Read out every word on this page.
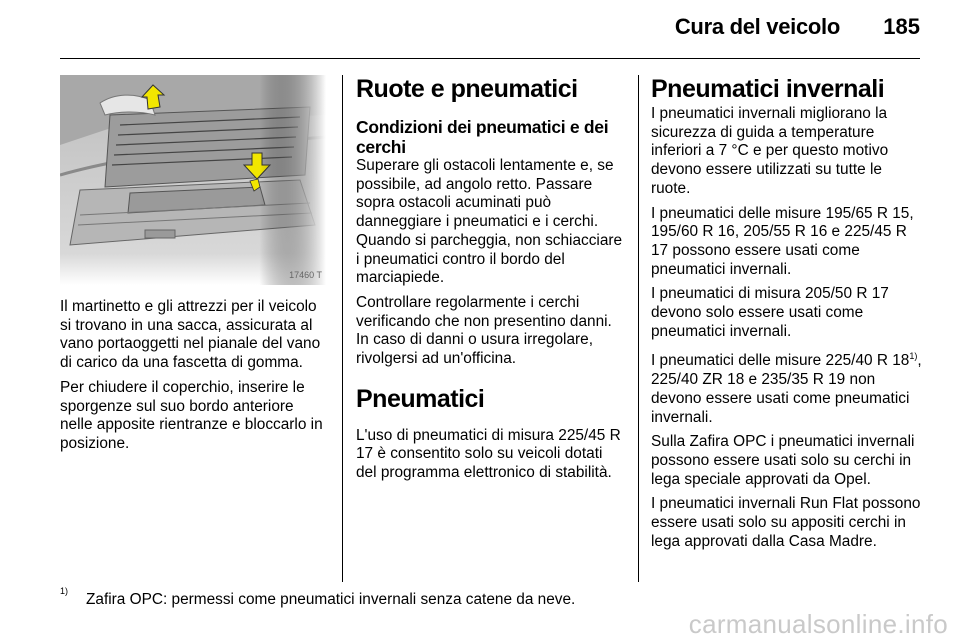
Cura del veicolo	185
17460 T

Il martinetto e gli attrezzi per il veicolo si trovano in una sacca, assicurata al vano portaoggetti nel pianale del vano di carico da una fascetta di gomma.

Per chiudere il coperchio, inserire le sporgenze sul suo bordo anteriore nelle apposite rientranze e bloccarlo in posizione.

Ruote e pneumatici
Condizioni dei pneumatici e dei cerchi

Superare gli ostacoli lentamente e, se possibile, ad angolo retto. Passare sopra ostacoli acuminati può danneggiare i pneumatici e i cerchi. Quando si parcheggia, non schiacciare i pneumatici contro il bordo del marciapiede.

Controllare regolarmente i cerchi verificando che non presentino danni. In caso di danni o usura irregolare, rivolgersi ad un'officina.

Pneumatici

L'uso di pneumatici di misura 225/45 R 17 è consentito solo su veicoli dotati del programma elettronico di stabilità.

Pneumatici invernali

I pneumatici invernali migliorano la sicurezza di guida a temperature inferiori a 7 °C e per questo motivo devono essere utilizzati su tutte le ruote.

I pneumatici delle misure 195/65 R 15, 195/60 R 16, 205/55 R 16 e 225/45 R 17 possono essere usati come pneumatici invernali.

I pneumatici di misura 205/50 R 17 devono solo essere usati come pneumatici invernali.

I pneumatici delle misure 225/40 R 18$^{1)}$, 225/40 ZR 18 e 235/35 R 19 non devono essere usati come pneumatici invernali.

Sulla Zafira OPC i pneumatici invernali possono essere usati solo su cerchi in lega speciale approvati da Opel.

I pneumatici invernali Run Flat possono essere usati solo su appositi cerchi in lega approvati dalla Casa Madre.

$^{1)}$Zafira OPC: permessi come pneumatici invernali senza catene da neve.
carmanualsonline.info
